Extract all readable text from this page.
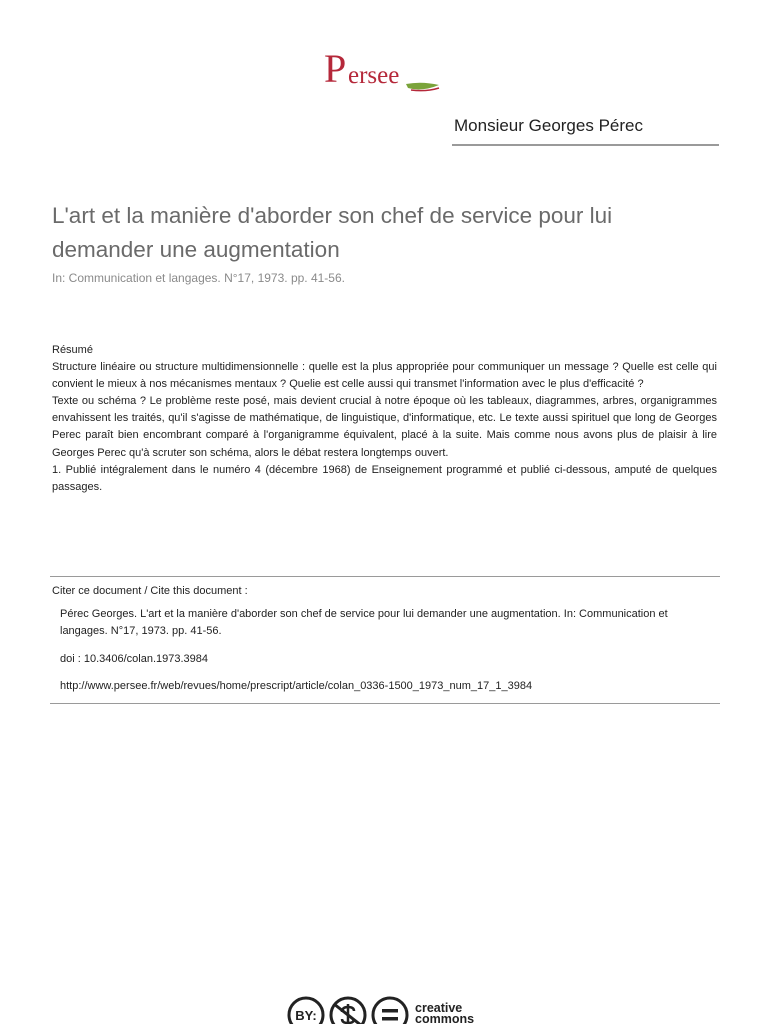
P ersee
Monsieur Georges Pérec
L'art et la manière d'aborder son chef de service pour lui demander une augmentation
In: Communication et langages. N°17, 1973. pp. 41-56.
Résumé

Structure linéaire ou structure multidimensionnelle : quelle est la plus appropriée pour communiquer un message ? Quelle est celle qui convient le mieux à nos mécanismes mentaux ? Quelie est celle aussi qui transmet l'information avec le plus d'efficacité ?

Texte ou schéma ? Le problème reste posé, mais devient crucial à notre époque où les tableaux, diagrammes, arbres, organigrammes envahissent les traités, qu'il s'agisse de mathématique, de linguistique, d'informatique, etc. Le texte aussi spirituel que long de Georges Perec paraît bien encombrant comparé à l'organigramme équivalent, placé à la suite. Mais comme nous avons plus de plaisir à lire Georges Perec qu'à scruter son schéma, alors le débat restera longtemps ouvert.

1. Publié intégralement dans le numéro 4 (décembre 1968) de Enseignement programmé et publié ci-dessous, amputé de quelques passages.

Citer ce document / Cite this document :

Pérec Georges. L'art et la manière d'aborder son chef de service pour lui demander une augmentation. In: Communication et langages. N°17, 1973. pp. 41-56.

doi : 10.3406/colan.1973.3984
http://www.persee.fr/web/revues/home/prescript/article/colan_0336-1500_1973_num_17_1_3984
BY:	creative
commons
